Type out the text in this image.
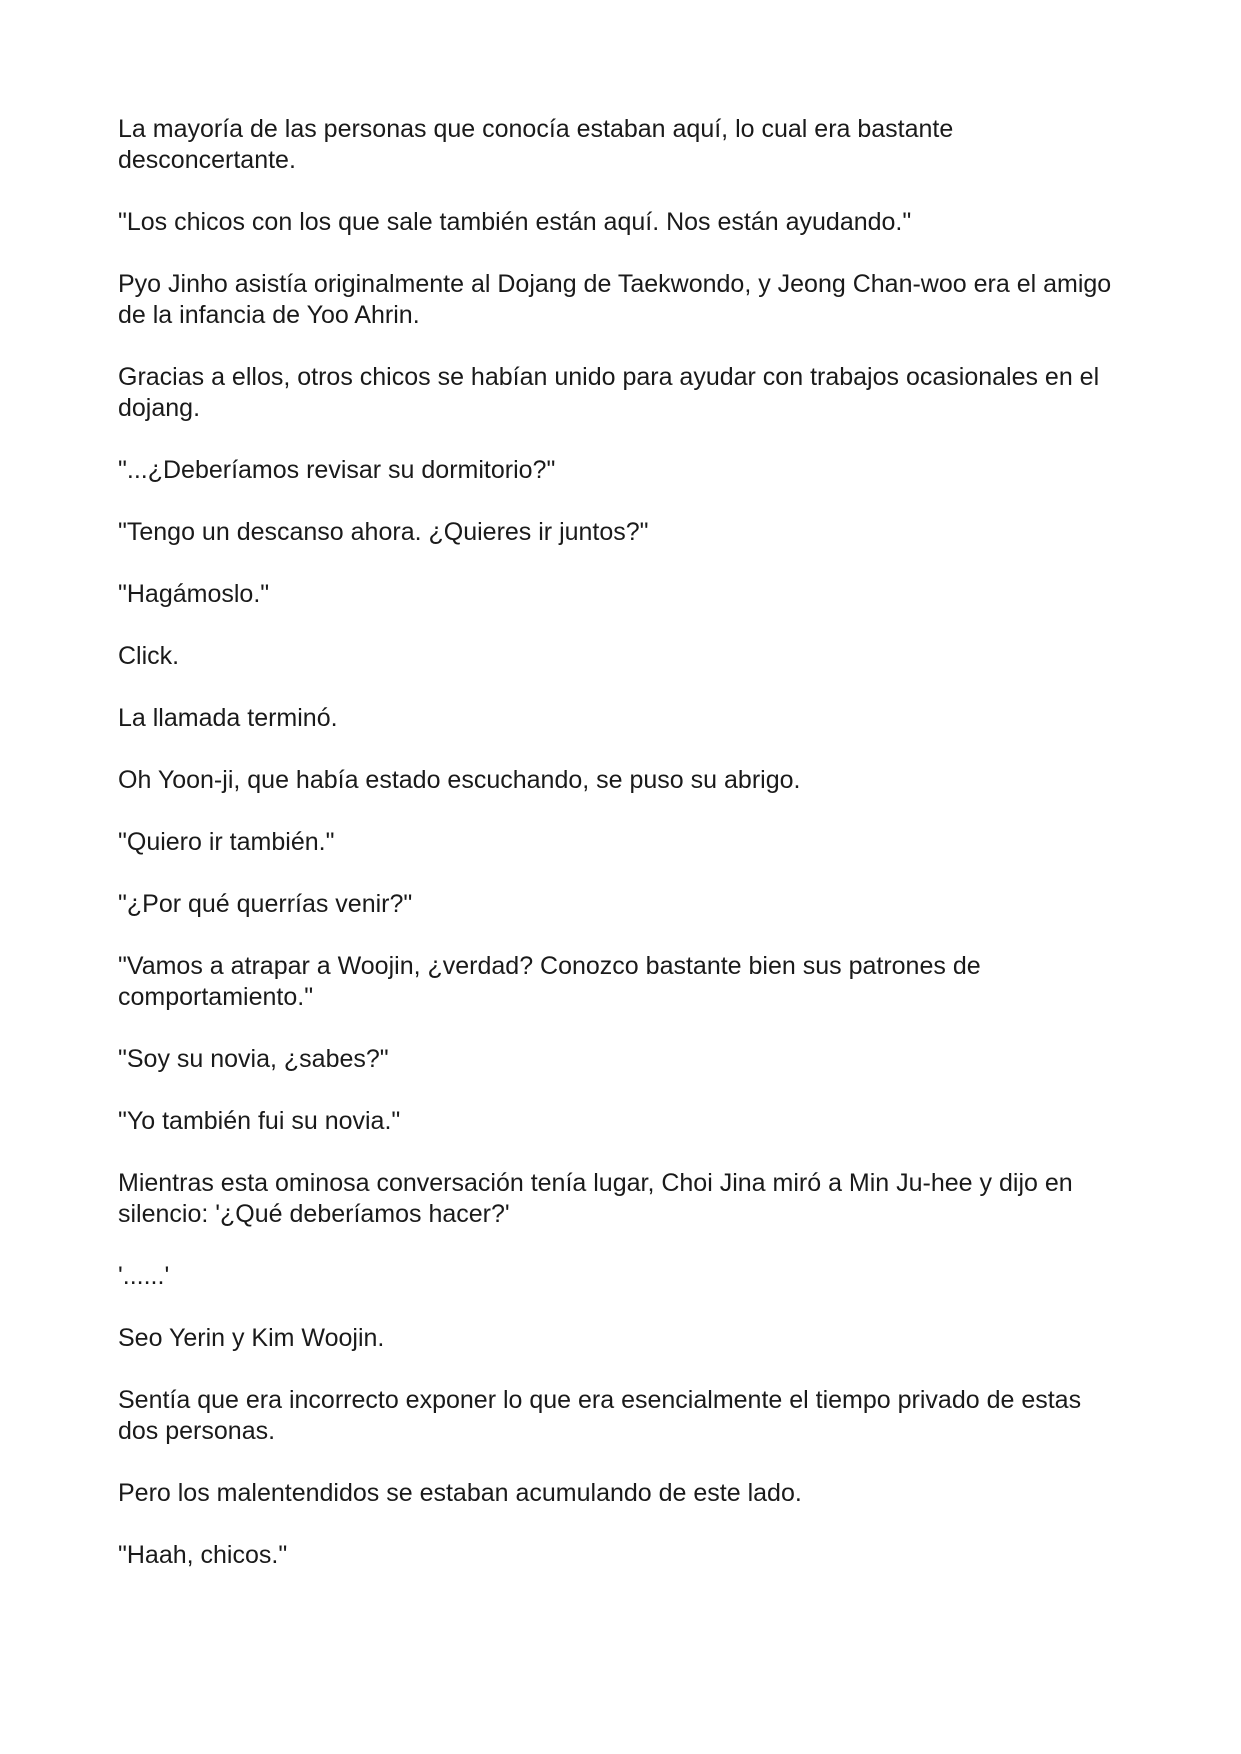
La mayoría de las personas que conocía estaban aquí, lo cual era bastante desconcertante.

"Los chicos con los que sale también están aquí. Nos están ayudando."

Pyo Jinho asistía originalmente al Dojang de Taekwondo, y Jeong Chan-woo era el amigo de la infancia de Yoo Ahrin.

Gracias a ellos, otros chicos se habían unido para ayudar con trabajos ocasionales en el dojang.

"...¿Deberíamos revisar su dormitorio?"

"Tengo un descanso ahora. ¿Quieres ir juntos?"

"Hagámoslo."

Click.

La llamada terminó.

Oh Yoon-ji, que había estado escuchando, se puso su abrigo.

"Quiero ir también."

"¿Por qué querrías venir?"

"Vamos a atrapar a Woojin, ¿verdad? Conozco bastante bien sus patrones de comportamiento."

"Soy su novia, ¿sabes?"

"Yo también fui su novia."

Mientras esta ominosa conversación tenía lugar, Choi Jina miró a Min Ju-hee y dijo en silencio: '¿Qué deberíamos hacer?'

'......'

Seo Yerin y Kim Woojin.

Sentía que era incorrecto exponer lo que era esencialmente el tiempo privado de estas dos personas.

Pero los malentendidos se estaban acumulando de este lado.

"Haah, chicos."
